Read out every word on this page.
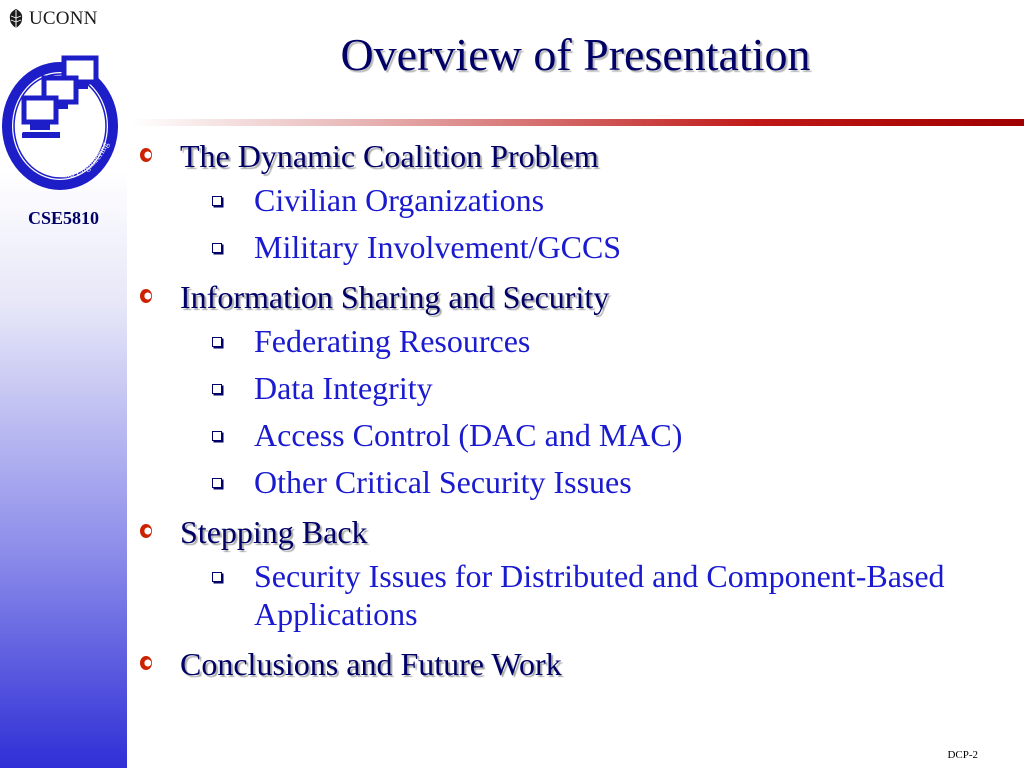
UCONN
Computer Science and Engineering
CSE5810
Overview of Presentation
The Dynamic Coalition Problem
Civilian Organizations
Military Involvement/GCCS
Information Sharing and Security
Federating Resources
Data Integrity
Access Control (DAC and MAC)
Other Critical Security Issues
Stepping Back
Security Issues for Distributed and Component-Based Applications
Conclusions and Future Work
DCP-2
